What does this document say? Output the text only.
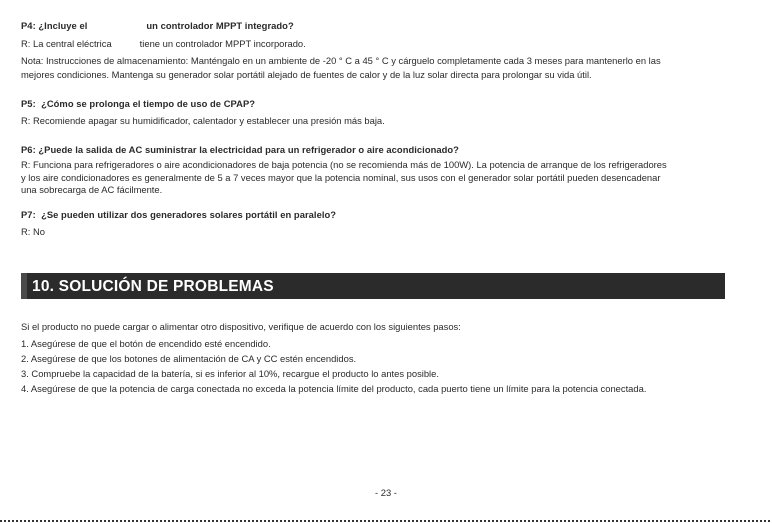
P4: ¿Incluye el	un controlador MPPT integrado?
R: La central eléctrica	tiene un controlador MPPT incorporado.
Nota: Instrucciones de almacenamiento: Manténgalo en un ambiente de -20 ° C a 45 ° C y cárguelo completamente cada 3 meses para mantenerlo en las
mejores condiciones. Mantenga su generador solar portátil alejado de fuentes de calor y de la luz solar directa para prolongar su vida útil.
P5: ¿Cómo se prolonga el tiempo de uso de CPAP?
R: Recomiende apagar su humidificador, calentador y establecer una presión más baja.
P6: ¿Puede la salida de AC suministrar la electricidad para un refrigerador o aire acondicionado?
R: Funciona para refrigeradores o aire acondicionadores de baja potencia (no se recomienda más de 100W). La potencia de arranque de los refrigeradores
y los aire condicionadores es generalmente de 5 a 7 veces mayor que la potencia nominal, sus usos con el generador solar portátil pueden desencadenar
una sobrecarga de AC fácilmente.
P7: ¿Se pueden utilizar dos generadores solares portátil en paralelo?
R: No
10. SOLUCIÓN DE PROBLEMAS
Si el producto no puede cargar o alimentar otro dispositivo, verifique de acuerdo con los siguientes pasos:
1. Asegúrese de que el botón de encendido esté encendido.
2. Asegúrese de que los botones de alimentación de CA y CC estén encendidos.
3. Compruebe la capacidad de la batería, si es inferior al 10%, recargue el producto lo antes posible.
4. Asegúrese de que la potencia de carga conectada no exceda la potencia límite del producto, cada puerto tiene un límite para la potencia conectada.
- 23 -
